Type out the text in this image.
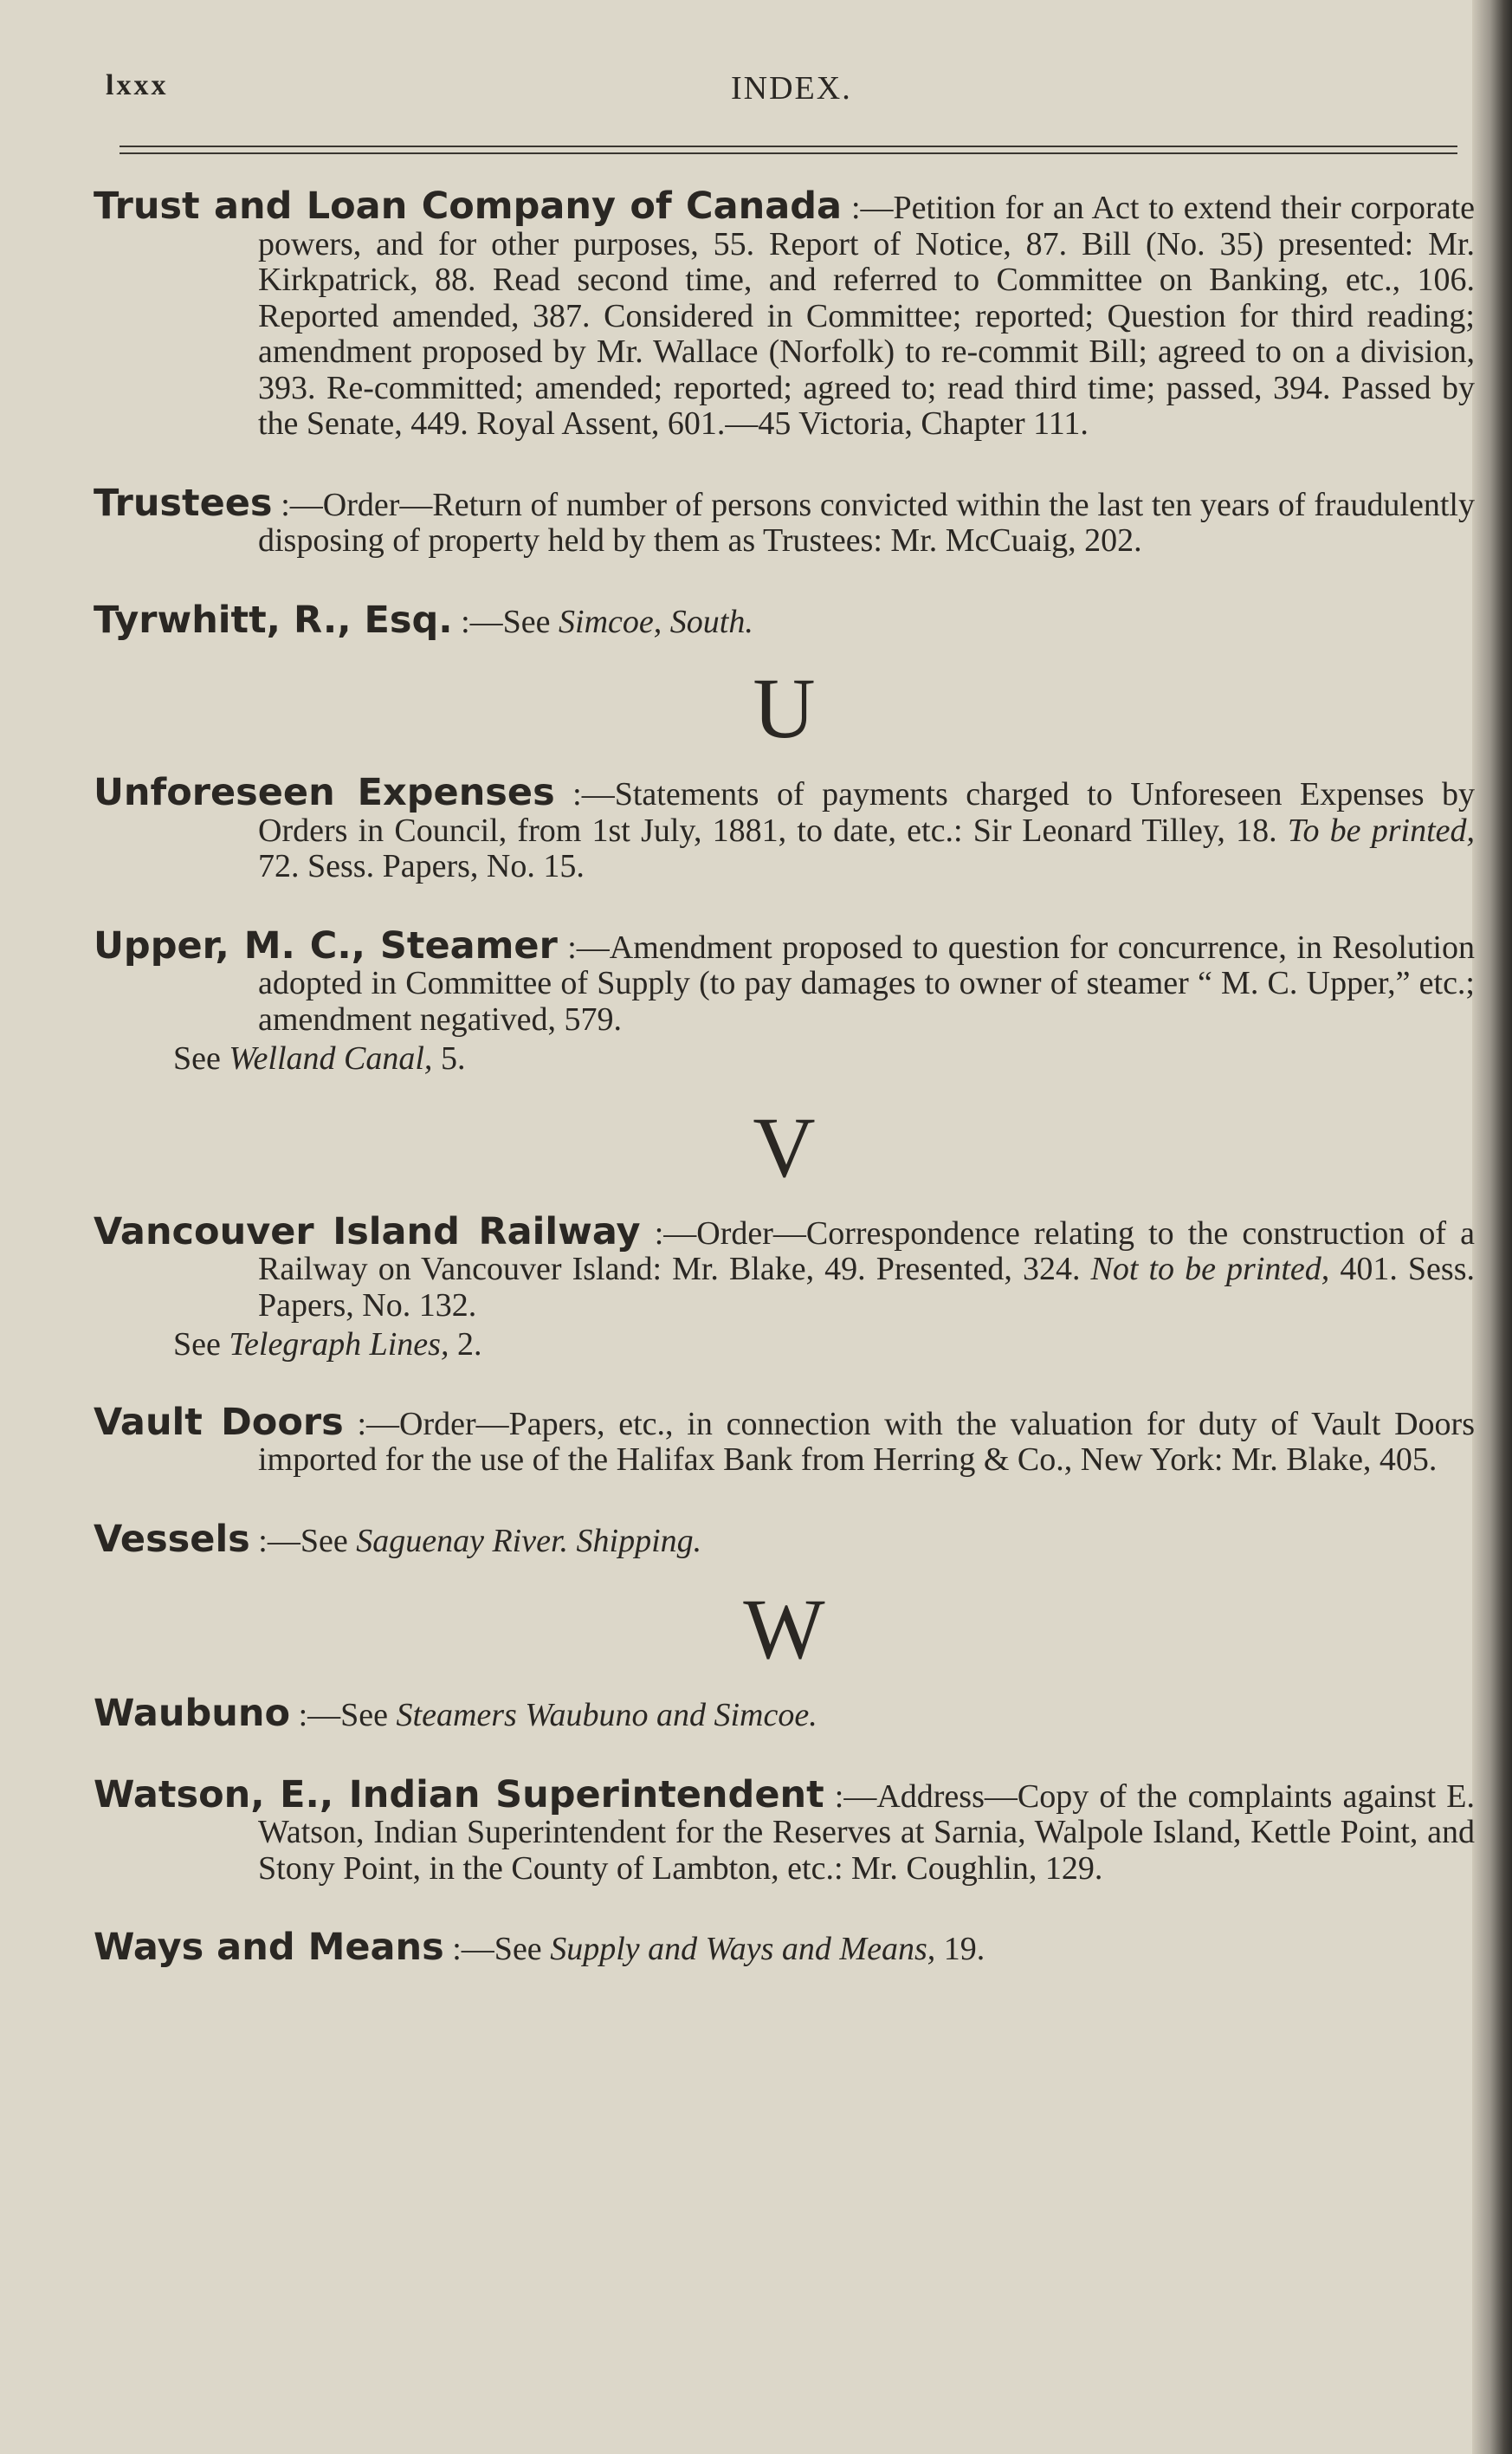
lxxx	INDEX.

Trust and Loan Company of Canada :—Petition for an Act to extend their corporate powers, and for other purposes, 55. Report of Notice, 87. Bill (No. 35) presented: Mr. Kirkpatrick, 88. Read second time, and referred to Committee on Banking, etc., 106. Reported amended, 387. Considered in Committee; reported; Question for third reading; amendment proposed by Mr. Wallace (Norfolk) to re-commit Bill; agreed to on a division, 393. Re-committed; amended; reported; agreed to; read third time; passed, 394. Passed by the Senate, 449. Royal Assent, 601.—45 Victoria, Chapter 111.

Trustees :—Order—Return of number of persons convicted within the last ten years of fraudulently disposing of property held by them as Trustees: Mr. McCuaig, 202.

Tyrwhitt, R., Esq. :—See Simcoe, South.

U

Unforeseen Expenses :—Statements of payments charged to Unforeseen Expenses by Orders in Council, from 1st July, 1881, to date, etc.: Sir Leonard Tilley, 18. To be printed, 72. Sess. Papers, No. 15.

Upper, M. C., Steamer :—Amendment proposed to question for concurrence, in Resolution adopted in Committee of Supply (to pay damages to owner of steamer “ M. C. Upper,” etc.; amendment negatived, 579.

See Welland Canal, 5.

V

Vancouver Island Railway :—Order—Correspondence relating to the construction of a Railway on Vancouver Island: Mr. Blake, 49. Presented, 324. Not to be printed, 401. Sess. Papers, No. 132.

See Telegraph Lines, 2.

Vault Doors :—Order—Papers, etc., in connection with the valuation for duty of Vault Doors imported for the use of the Halifax Bank from Herring & Co., New York: Mr. Blake, 405.

Vessels :—See Saguenay River. Shipping.

W

Waubuno :—See Steamers Waubuno and Simcoe.

Watson, E., Indian Superintendent :—Address—Copy of the complaints against E. Watson, Indian Superintendent for the Reserves at Sarnia, Walpole Island, Kettle Point, and Stony Point, in the County of Lambton, etc.: Mr. Coughlin, 129.

Ways and Means :—See Supply and Ways and Means, 19.
